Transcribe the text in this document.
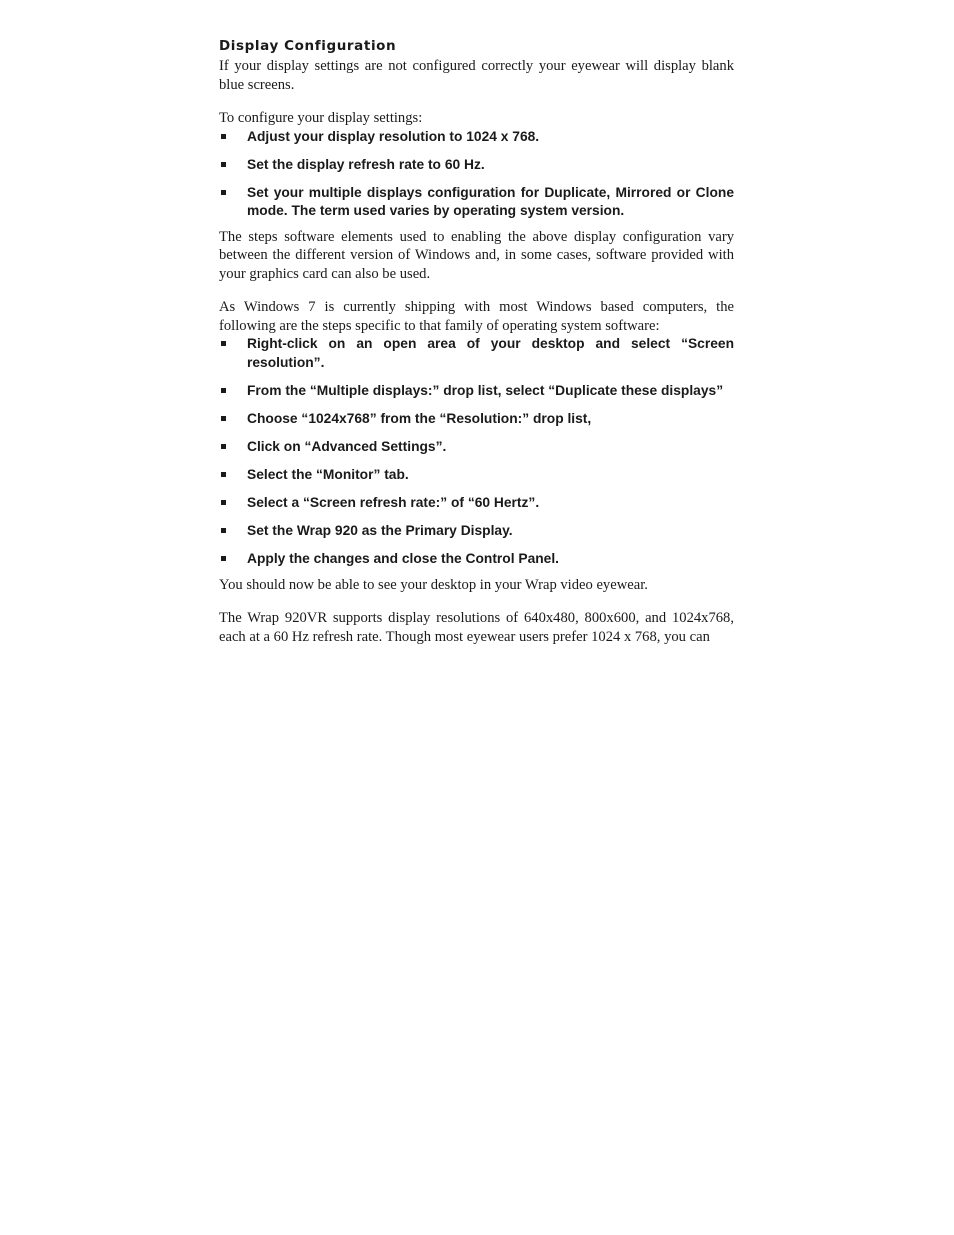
Display Configuration

If your display settings are not configured correctly your eyewear will display blank blue screens.

To configure your display settings:

Adjust your display resolution to 1024 x 768.
Set the display refresh rate to 60 Hz.
Set your multiple displays configuration for Duplicate, Mirrored or Clone mode. The term used varies by operating system version.

The steps software elements used to enabling the above display configuration vary between the different version of Windows and, in some cases, software provided with your graphics card can also be used.

As Windows 7 is currently shipping with most Windows based computers, the following are the steps specific to that family of operating system software:

Right-click on an open area of your desktop and select “Screen resolution”.
From the “Multiple displays:” drop list, select “Duplicate these displays”
Choose “1024x768” from the “Resolution:” drop list,
Click on “Advanced Settings”.
Select the “Monitor” tab.
Select a “Screen refresh rate:” of “60 Hertz”.
Set the Wrap 920 as the Primary Display.
Apply the changes and close the Control Panel.

You should now be able to see your desktop in your Wrap video eyewear.

The Wrap 920VR supports display resolutions of 640x480, 800x600, and 1024x768, each at a 60 Hz refresh rate. Though most eyewear users prefer 1024 x 768, you can
